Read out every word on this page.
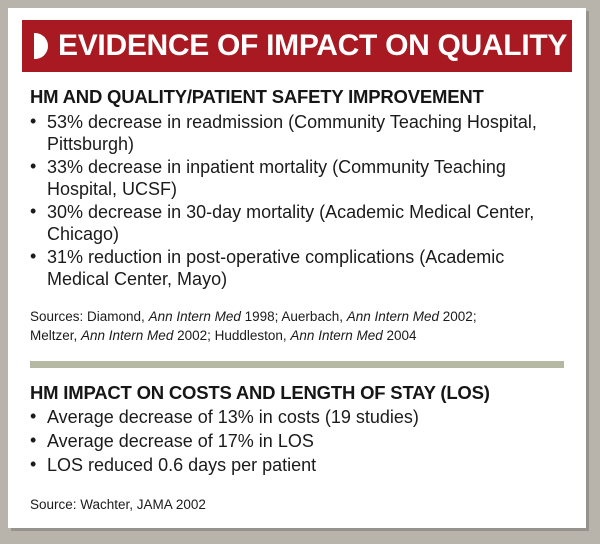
EVIDENCE OF IMPACT ON QUALITY
HM AND QUALITY/PATIENT SAFETY IMPROVEMENT
• 53% decrease in readmission (Community Teaching Hospital, Pittsburgh)
• 33% decrease in inpatient mortality (Community Teaching Hospital, UCSF)
• 30% decrease in 30-day mortality (Academic Medical Center, Chicago)
• 31% reduction in post-operative complications (Academic Medical Center, Mayo)
Sources: Diamond, Ann Intern Med 1998; Auerbach, Ann Intern Med 2002;
Meltzer, Ann Intern Med 2002; Huddleston, Ann Intern Med 2004
HM IMPACT ON COSTS AND LENGTH OF STAY (LOS)
• Average decrease of 13% in costs (19 studies)
• Average decrease of 17% in LOS
• LOS reduced 0.6 days per patient
Source: Wachter, JAMA 2002
